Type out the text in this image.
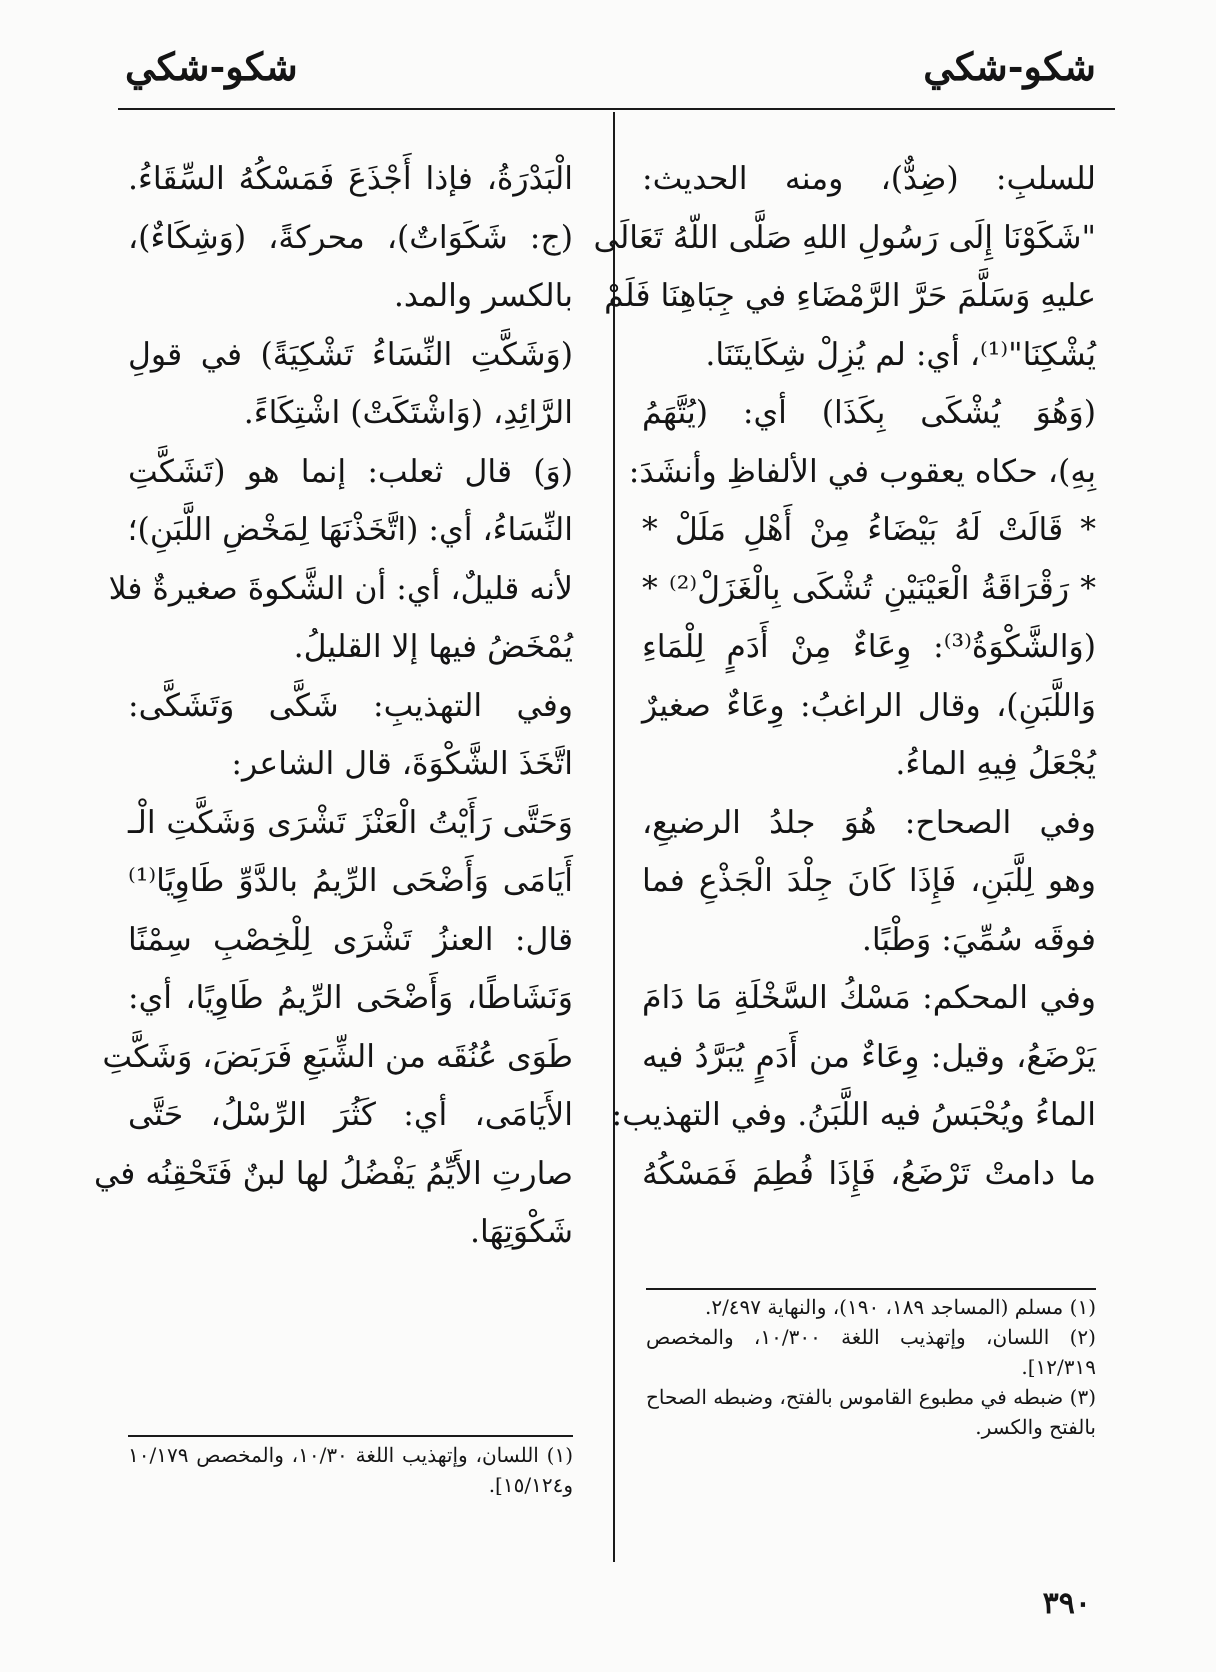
شكو-شكي
شكو-شكي
للسلبِ: (ضِدٌّ)، ومنه الحديث:
"شَكَوْنَا إِلَى رَسُولِ اللهِ صَلَّى اللّهُ تَعَالَى
عليهِ وَسَلَّمَ حَرَّ الرَّمْضَاءِ في جِبَاهِنَا فَلَمْ
يُشْكِنَا"⁽¹⁾، أي: لم يُزِلْ شِكَايتَنَا.
(وَهُوَ يُشْكَى بِكَذَا) أي: (يُتَّهَمُ
بِهِ)، حكاه يعقوب في الألفاظِ وأنشَدَ:
* قَالَتْ لَهُ بَيْضَاءُ مِنْ أَهْلِ مَلَلْ *
* رَقْرَاقَةُ الْعَيْنَيْنِ تُشْكَى بِالْغَزَلْ⁽²⁾ *
(وَالشَّكْوَةُ⁽³⁾: وِعَاءٌ مِنْ أَدَمٍ لِلْمَاءِ
وَاللَّبَنِ)، وقال الراغبُ: وِعَاءٌ صغيرٌ
يُجْعَلُ فِيهِ الماءُ.
وفي الصحاح: هُوَ جلدُ الرضيعِ،
وهو لِلَّبَنِ، فَإِذَا كَانَ جِلْدَ الْجَذْعِ فما
فوقَه سُمِّيَ: وَطْبًا.
وفي المحكم: مَسْكُ السَّخْلَةِ مَا دَامَ
يَرْضَعُ، وقيل: وِعَاءٌ من أَدَمٍ يُبَرَّدُ فيه
الماءُ ويُحْبَسُ فيه اللَّبَنُ. وفي التهذيب:
ما دامتْ تَرْضَعُ، فَإِذَا فُطِمَ فَمَسْكُهُ
الْبَدْرَةُ، فإذا أَجْذَعَ فَمَسْكُهُ السِّقَاءُ.
(ج: شَكَوَاتٌ)، محركةً، (وَشِكَاءٌ)،
بالكسر والمد.
(وَشَكَّتِ النِّسَاءُ تَشْكِيَةً) في قولِ
الرَّائِدِ، (وَاشْتَكَتْ) اشْتِكَاءً.
(وَ) قال ثعلب: إنما هو (تَشَكَّتِ
النِّسَاءُ، أي: (اتَّخَذْنَهَا لِمَخْضِ اللَّبَنِ)؛
لأنه قليلٌ، أي: أن الشَّكوةَ صغيرةٌ فلا
يُمْخَضُ فيها إلا القليلُ.
وفي التهذيبِ: شَكَّى وَتَشَكَّى:
اتَّخَذَ الشَّكْوَةَ، قال الشاعر:
وَحَتَّى رَأَيْتُ الْعَنْزَ تَشْرَى وَشَكَّتِ الْـ
أَيَامَى وَأَضْحَى الرِّيمُ بالدَّوِّ طَاوِيًا⁽¹⁾
قال: العنزُ تَشْرَى لِلْخِصْبِ سِمْنًا
وَنَشَاطًا، وَأَضْحَى الرِّيمُ طَاوِيًا، أي:
طَوَى عُنُقَه من الشِّبَعِ فَرَبَضَ، وَشَكَّتِ
الأَيَامَى، أي: كَثُرَ الرِّسْلُ، حَتَّى
صارتِ الأَيِّمُ يَفْضُلُ لها لبنٌ فَتَحْقِنُه في
شَكْوَتِهَا.

(١) مسلم (المساجد ١٨٩، ١٩٠)، والنهاية ٢/٤٩٧.

(٢) اللسان، وإتهذيب اللغة ١٠/٣٠٠، والمخصص ١٢/٣١٩].

(٣) ضبطه في مطبوع القاموس بالفتح، وضبطه الصحاح بالفتح والكسر.

(١) اللسان، وإتهذيب اللغة ١٠/٣٠، والمخصص ١٠/١٧٩ و١٥/١٢٤].

٣٩٠
